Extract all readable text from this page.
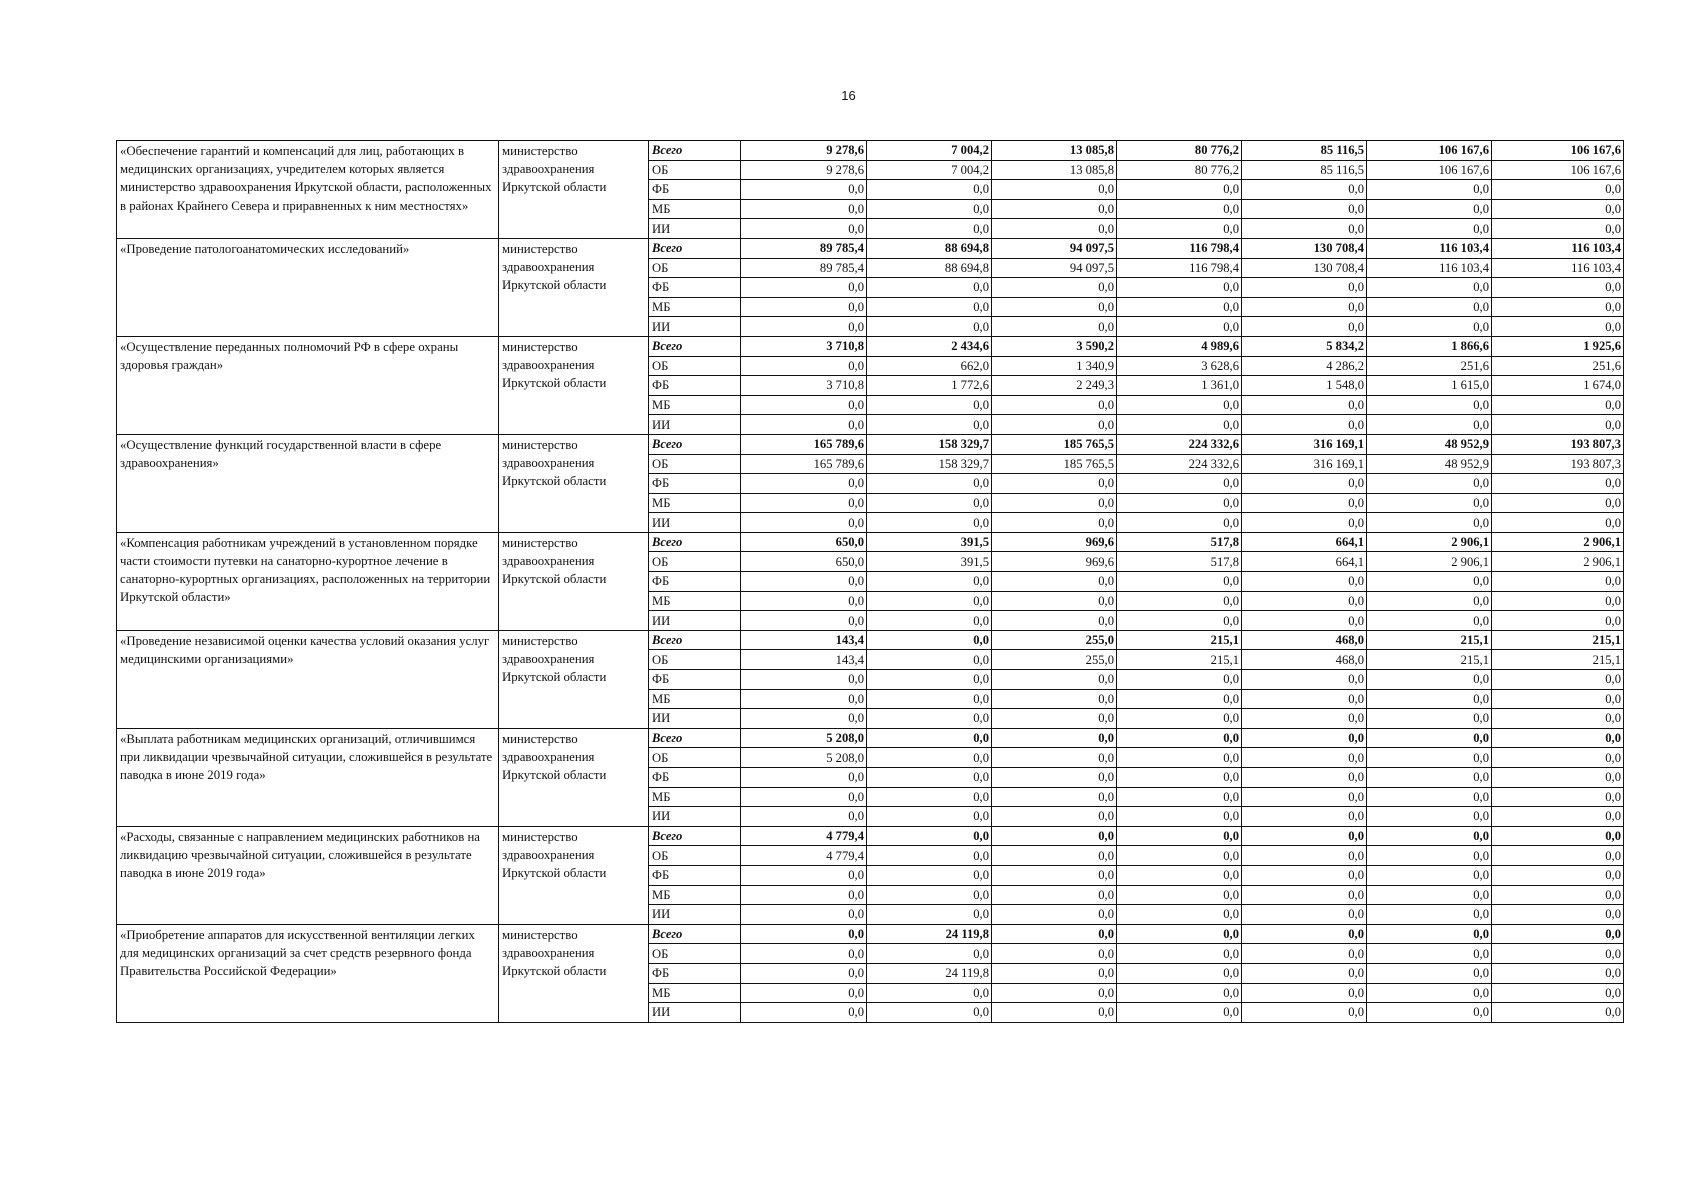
16
«Обеспечение гарантий и компенсаций для лиц, работающих в медицинских организациях, учредителем которых является министерство здравоохранения Иркутской области, расположенных в районах Крайнего Севера и приравненных к ним местностях»	министерство здравоохранения Иркутской области	Всего	9 278,6	7 004,2	13 085,8	80 776,2	85 116,5	106 167,6	106 167,6
		ОБ	9 278,6	7 004,2	13 085,8	80 776,2	85 116,5	106 167,6	106 167,6
		ФБ	0,0	0,0	0,0	0,0	0,0	0,0	0,0
		МБ	0,0	0,0	0,0	0,0	0,0	0,0	0,0
		ИИ	0,0	0,0	0,0	0,0	0,0	0,0	0,0
«Проведение патологоанатомических исследований»	министерство здравоохранения Иркутской области	Всего	89 785,4	88 694,8	94 097,5	116 798,4	130 708,4	116 103,4	116 103,4
		ОБ	89 785,4	88 694,8	94 097,5	116 798,4	130 708,4	116 103,4	116 103,4
		ФБ	0,0	0,0	0,0	0,0	0,0	0,0	0,0
		МБ	0,0	0,0	0,0	0,0	0,0	0,0	0,0
		ИИ	0,0	0,0	0,0	0,0	0,0	0,0	0,0
«Осуществление переданных полномочий РФ в сфере охраны здоровья граждан»	министерство здравоохранения Иркутской области	Всего	3 710,8	2 434,6	3 590,2	4 989,6	5 834,2	1 866,6	1 925,6
		ОБ	0,0	662,0	1 340,9	3 628,6	4 286,2	251,6	251,6
		ФБ	3 710,8	1 772,6	2 249,3	1 361,0	1 548,0	1 615,0	1 674,0
		МБ	0,0	0,0	0,0	0,0	0,0	0,0	0,0
		ИИ	0,0	0,0	0,0	0,0	0,0	0,0	0,0
«Осуществление функций государственной власти в сфере здравоохранения»	министерство здравоохранения Иркутской области	Всего	165 789,6	158 329,7	185 765,5	224 332,6	316 169,1	48 952,9	193 807,3
		ОБ	165 789,6	158 329,7	185 765,5	224 332,6	316 169,1	48 952,9	193 807,3
		ФБ	0,0	0,0	0,0	0,0	0,0	0,0	0,0
		МБ	0,0	0,0	0,0	0,0	0,0	0,0	0,0
		ИИ	0,0	0,0	0,0	0,0	0,0	0,0	0,0
«Компенсация работникам учреждений в установленном порядке части стоимости путевки на санаторно-курортное лечение в санаторно-курортных организациях, расположенных на территории Иркутской области»	министерство здравоохранения Иркутской области	Всего	650,0	391,5	969,6	517,8	664,1	2 906,1	2 906,1
		ОБ	650,0	391,5	969,6	517,8	664,1	2 906,1	2 906,1
		ФБ	0,0	0,0	0,0	0,0	0,0	0,0	0,0
		МБ	0,0	0,0	0,0	0,0	0,0	0,0	0,0
		ИИ	0,0	0,0	0,0	0,0	0,0	0,0	0,0
«Проведение независимой оценки качества условий оказания услуг медицинскими организациями»	министерство здравоохранения Иркутской области	Всего	143,4	0,0	255,0	215,1	468,0	215,1	215,1
		ОБ	143,4	0,0	255,0	215,1	468,0	215,1	215,1
		ФБ	0,0	0,0	0,0	0,0	0,0	0,0	0,0
		МБ	0,0	0,0	0,0	0,0	0,0	0,0	0,0
		ИИ	0,0	0,0	0,0	0,0	0,0	0,0	0,0
«Выплата работникам медицинских организаций, отличившимся при ликвидации чрезвычайной ситуации, сложившейся в результате паводка в июне 2019 года»	министерство здравоохранения Иркутской области	Всего	5 208,0	0,0	0,0	0,0	0,0	0,0	0,0
		ОБ	5 208,0	0,0	0,0	0,0	0,0	0,0	0,0
		ФБ	0,0	0,0	0,0	0,0	0,0	0,0	0,0
		МБ	0,0	0,0	0,0	0,0	0,0	0,0	0,0
		ИИ	0,0	0,0	0,0	0,0	0,0	0,0	0,0
«Расходы, связанные с направлением медицинских работников на ликвидацию чрезвычайной ситуации, сложившейся в результате паводка в июне 2019 года»	министерство здравоохранения Иркутской области	Всего	4 779,4	0,0	0,0	0,0	0,0	0,0	0,0
		ОБ	4 779,4	0,0	0,0	0,0	0,0	0,0	0,0
		ФБ	0,0	0,0	0,0	0,0	0,0	0,0	0,0
		МБ	0,0	0,0	0,0	0,0	0,0	0,0	0,0
		ИИ	0,0	0,0	0,0	0,0	0,0	0,0	0,0
«Приобретение аппаратов для искусственной вентиляции легких для медицинских организаций за счет средств резервного фонда Правительства Российской Федерации»	министерство здравоохранения Иркутской области	Всего	0,0	24 119,8	0,0	0,0	0,0	0,0	0,0
		ОБ	0,0	0,0	0,0	0,0	0,0	0,0	0,0
		ФБ	0,0	24 119,8	0,0	0,0	0,0	0,0	0,0
		МБ	0,0	0,0	0,0	0,0	0,0	0,0	0,0
		ИИ	0,0	0,0	0,0	0,0	0,0	0,0	0,0
